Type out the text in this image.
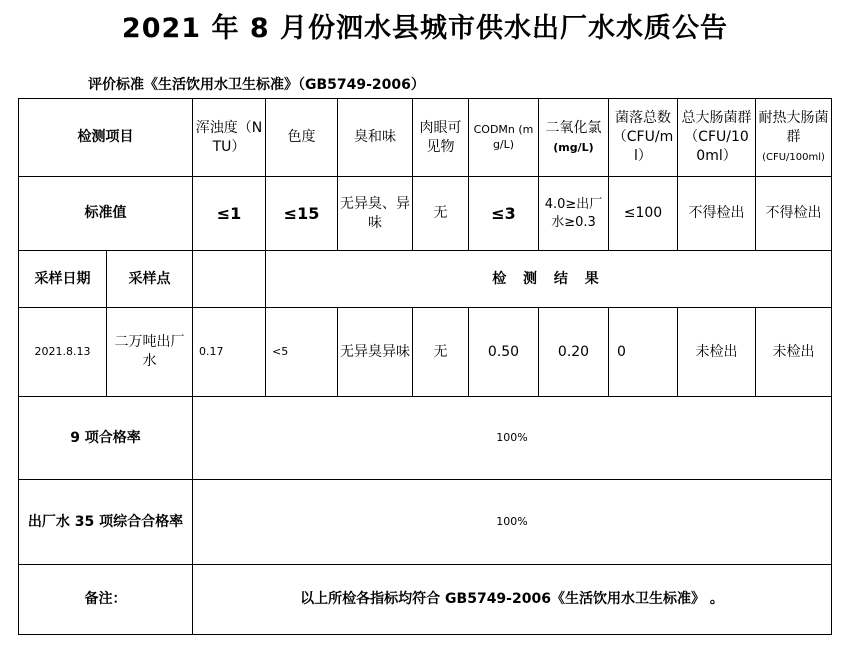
2021 年 8 月份泗水县城市供水出厂水水质公告
评价标准《生活饮用水卫生标准》（GB5749-2006）
检测项目		浑浊度（NTU）	色度	臭和味	肉眼可见物	CODMn (mg/L)	二氧化氯
(mg/L)	菌落总数（CFU/ml）	总大肠菌群（CFU/100ml）	耐热大肠菌群
(CFU/100ml)
标准值		≤1	≤15	无异臭、异味	无	≤3	4.0≥出厂水≥0.3	≤100	不得检出	不得检出
采样日期	采样点		检 测 结 果							
2021.8.13	二万吨出厂水	0.17	<5	无异臭异味	无	0.50	0.20	0	未检出	未检出
9 项合格率		100%								
出厂水 35 项综合合格率		100%								
备注：		以上所检各指标均符合 GB5749-2006《生活饮用水卫生标准》 。								
